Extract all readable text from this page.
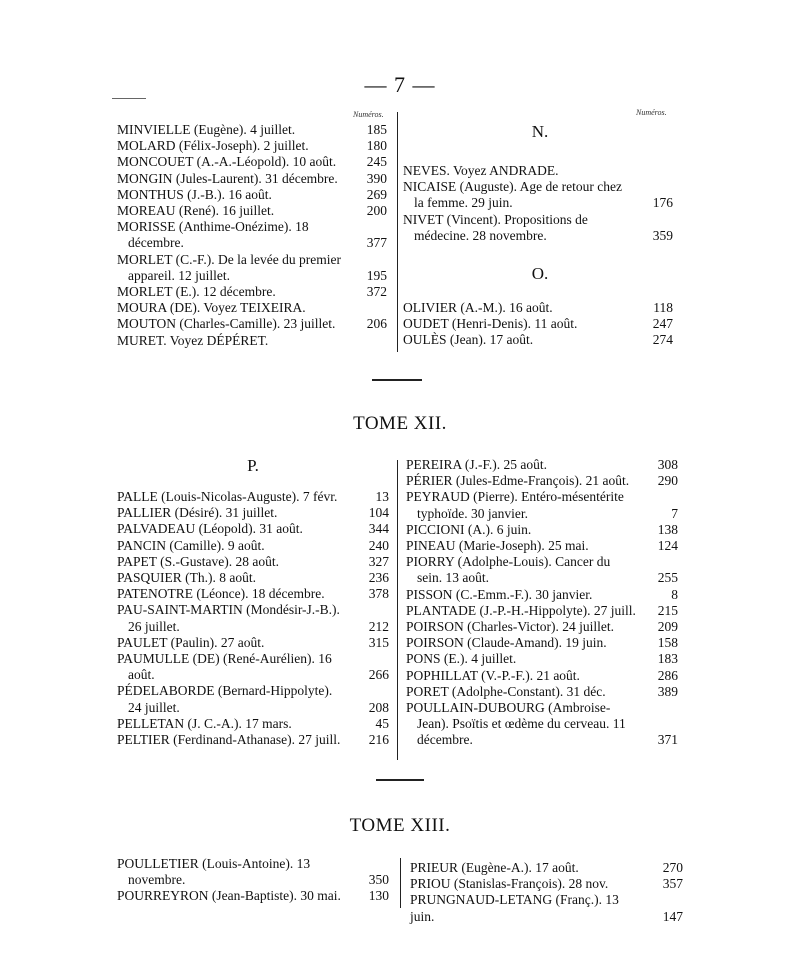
— 7 —
Numéros.	Numéros.
MINVIELLE (Eugène). 4 juillet.	185
MOLARD (Félix-Joseph). 2 juillet.	180
MONCOUET (A.-A.-Léopold). 10 août.	245
MONGIN (Jules-Laurent). 31 décembre.	390
MONTHUS (J.-B.). 16 août.	269
MOREAU (René). 16 juillet.	200
MORISSE (Anthime-Onézime). 18 décembre.	377
MORLET (C.-F.). De la levée du premier appareil. 12 juillet.	195
MORLET (E.). 12 décembre.	372
MOURA (DE). Voyez TEIXEIRA.
MOUTON (Charles-Camille). 23 juillet.	206
MURET. Voyez DÉPÉRET.
N.
NEVES. Voyez ANDRADE.
NICAISE (Auguste). Age de retour chez la femme. 29 juin.	176
NIVET (Vincent). Propositions de médecine. 28 novembre.	359
O.
OLIVIER (A.-M.). 16 août.	118
OUDET (Henri-Denis). 11 août.	247
OULÈS (Jean). 17 août.	274
TOME XII.
P.
PALLE (Louis-Nicolas-Auguste). 7 févr.	13
PALLIER (Désiré). 31 juillet.	104
PALVADEAU (Léopold). 31 août.	344
PANCIN (Camille). 9 août.	240
PAPET (S.-Gustave). 28 août.	327
PASQUIER (Th.). 8 août.	236
PATENOTRE (Léonce). 18 décembre.	378
PAU-SAINT-MARTIN (Mondésir-J.-B.). 26 juillet.	212
PAULET (Paulin). 27 août.	315
PAUMULLE (DE) (René-Aurélien). 16 août.	266
PÉDELABORDE (Bernard-Hippolyte). 24 juillet.	208
PELLETAN (J. C.-A.). 17 mars.	45
PELTIER (Ferdinand-Athanase). 27 juill.	216
PEREIRA (J.-F.). 25 août.	308
PÉRIER (Jules-Edme-François). 21 août.	290
PEYRAUD (Pierre). Entéro-mésentérite typhoïde. 30 janvier.	7
PICCIONI (A.). 6 juin.	138
PINEAU (Marie-Joseph). 25 mai.	124
PIORRY (Adolphe-Louis). Cancer du sein. 13 août.	255
PISSON (C.-Emm.-F.). 30 janvier.	8
PLANTADE (J.-P.-H.-Hippolyte). 27 juill.	215
POIRSON (Charles-Victor). 24 juillet.	209
POIRSON (Claude-Amand). 19 juin.	158
PONS (E.). 4 juillet.	183
POPHILLAT (V.-P.-F.). 21 août.	286
PORET (Adolphe-Constant). 31 déc.	389
POULLAIN-DUBOURG (Ambroise-Jean). Psoïtis et œdème du cerveau. 11 décembre.	371
TOME XIII.
POULLETIER (Louis-Antoine). 13 novembre.	350
POURREYRON (Jean-Baptiste). 30 mai.	130
PRIEUR (Eugène-A.). 17 août.	270
PRIOU (Stanislas-François). 28 nov.	357
PRUNGNAUD-LETANG (Franç.). 13 juin.	147
